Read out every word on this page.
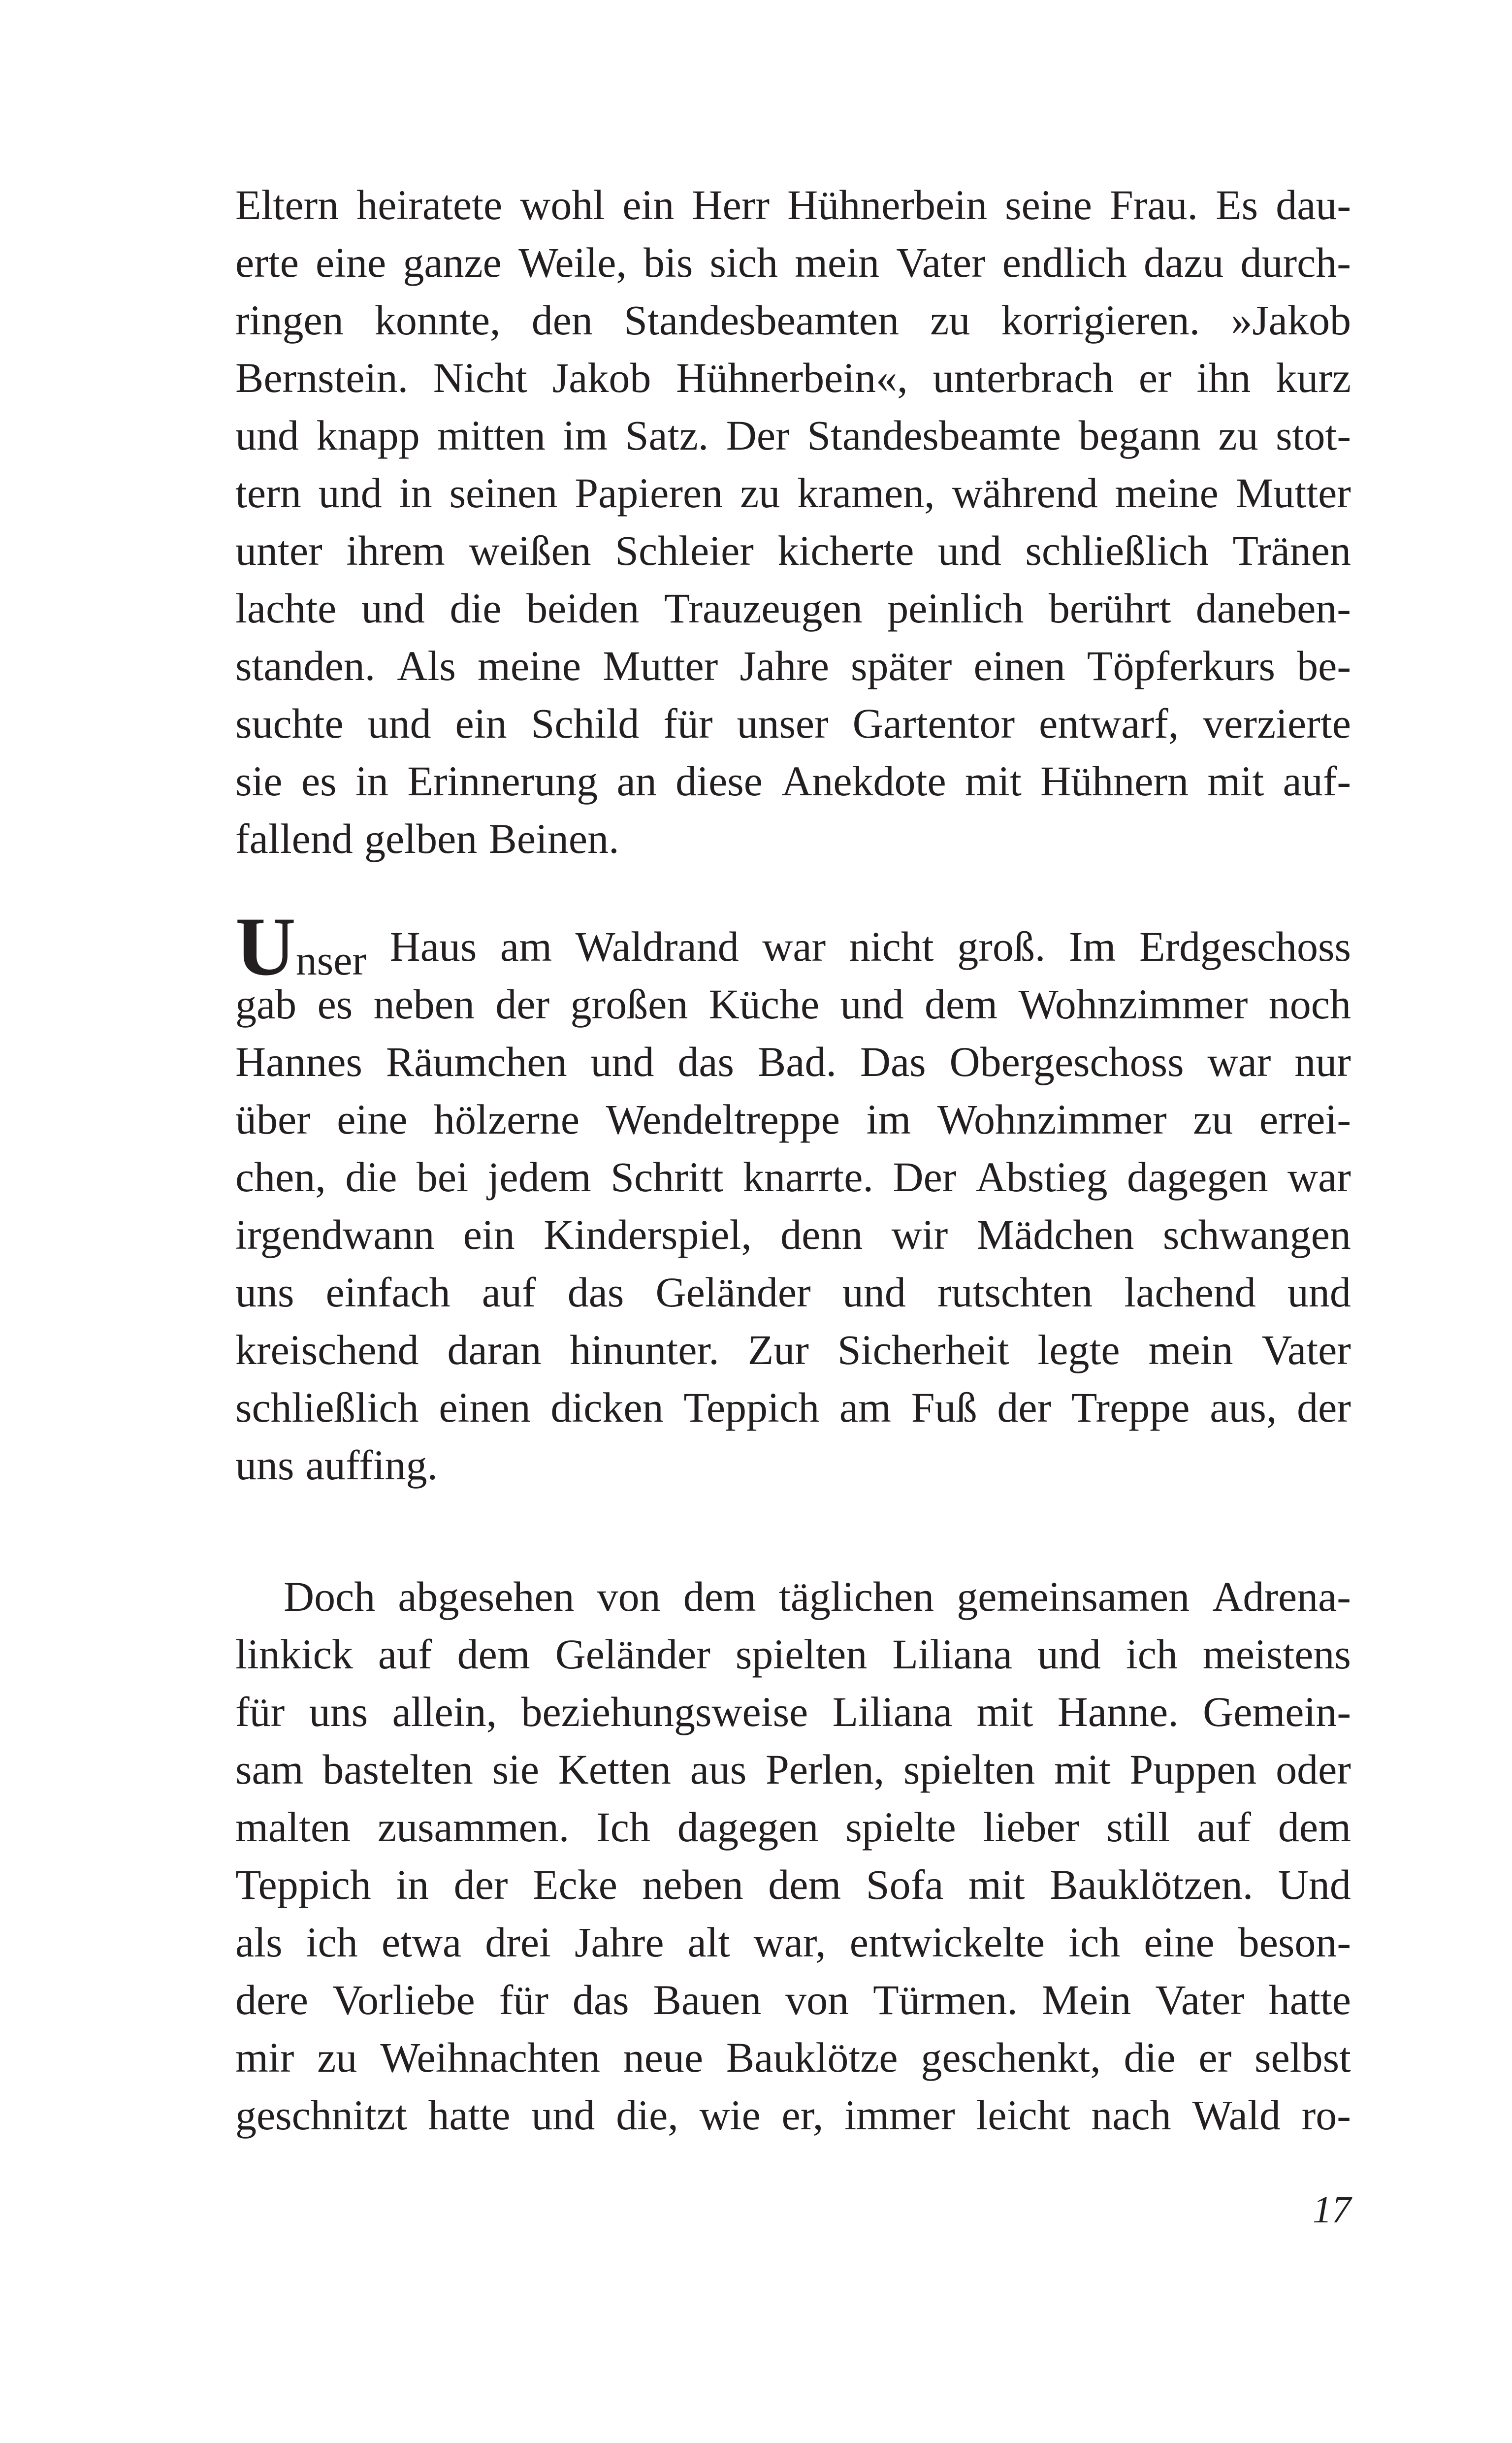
Eltern heiratete wohl ein Herr Hühnerbein seine Frau. Es dau-
erte eine ganze Weile, bis sich mein Vater endlich dazu durch-
ringen konnte, den Standesbeamten zu korrigieren. »Jakob
Bernstein. Nicht Jakob Hühnerbein«, unterbrach er ihn kurz
und knapp mitten im Satz. Der Standesbeamte begann zu stot-
tern und in seinen Papieren zu kramen, während meine Mutter
unter ihrem weißen Schleier kicherte und schließlich Tränen
lachte und die beiden Trauzeugen peinlich berührt daneben-
standen. Als meine Mutter Jahre später einen Töpferkurs be-
suchte und ein Schild für unser Gartentor entwarf, verzierte
sie es in Erinnerung an diese Anekdote mit Hühnern mit auf-
fallend gelben Beinen.
Unser Haus am Waldrand war nicht groß. Im Erdgeschoss
gab es neben der großen Küche und dem Wohnzimmer noch
Hannes Räumchen und das Bad. Das Obergeschoss war nur
über eine hölzerne Wendeltreppe im Wohnzimmer zu errei-
chen, die bei jedem Schritt knarrte. Der Abstieg dagegen war
irgendwann ein Kinderspiel, denn wir Mädchen schwangen
uns einfach auf das Geländer und rutschten lachend und
kreischend daran hinunter. Zur Sicherheit legte mein Vater
schließlich einen dicken Teppich am Fuß der Treppe aus, der
uns auffing.
Doch abgesehen von dem täglichen gemeinsamen Adrena-
linkick auf dem Geländer spielten Liliana und ich meistens
für uns allein, beziehungsweise Liliana mit Hanne. Gemein-
sam bastelten sie Ketten aus Perlen, spielten mit Puppen oder
malten zusammen. Ich dagegen spielte lieber still auf dem
Teppich in der Ecke neben dem Sofa mit Bauklötzen. Und
als ich etwa drei Jahre alt war, entwickelte ich eine beson-
dere Vorliebe für das Bauen von Türmen. Mein Vater hatte
mir zu Weihnachten neue Bauklötze geschenkt, die er selbst
geschnitzt hatte und die, wie er, immer leicht nach Wald ro-
17
